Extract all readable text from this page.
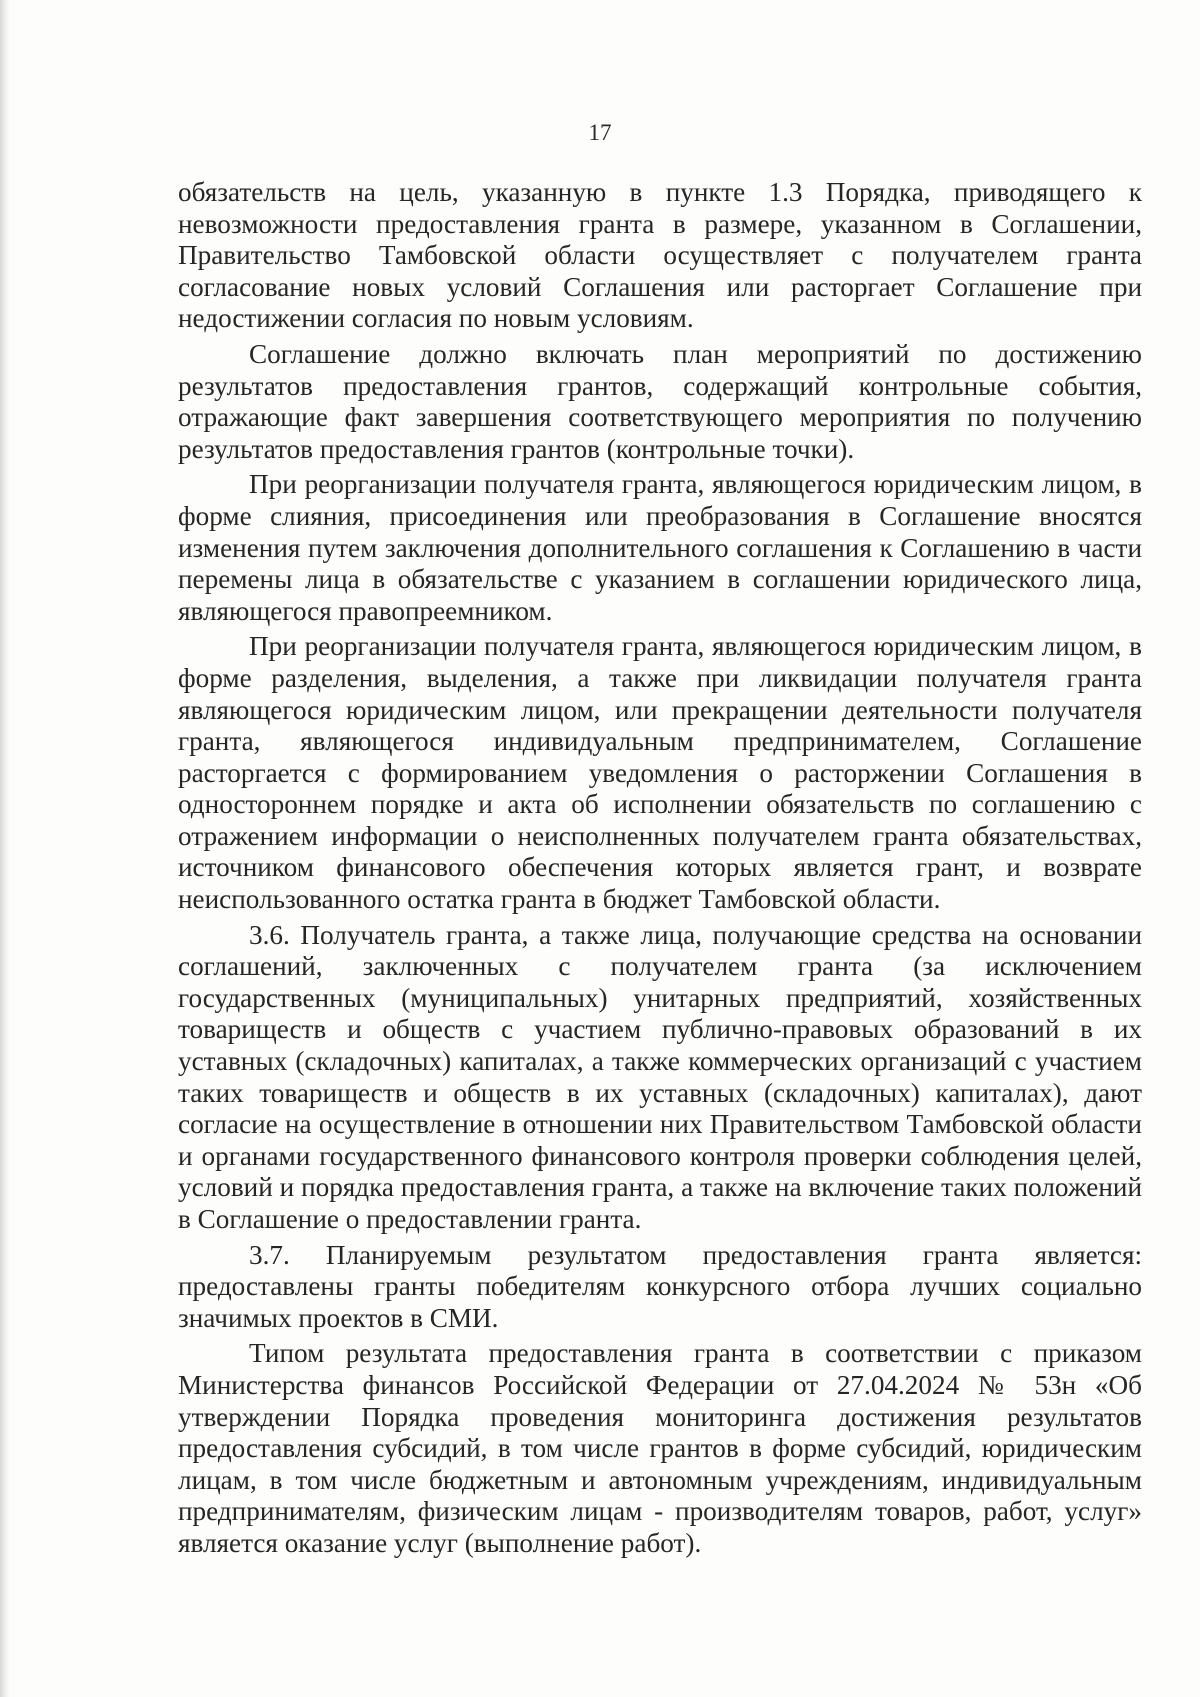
17

обязательств на цель, указанную в пункте 1.3 Порядка, приводящего к невозможности предоставления гранта в размере, указанном в Соглашении, Правительство Тамбовской области осуществляет с получателем гранта согласование новых условий Соглашения или расторгает Соглашение при недостижении согласия по новым условиям.

Соглашение должно включать план мероприятий по достижению результатов предоставления грантов, содержащий контрольные события, отражающие факт завершения соответствующего мероприятия по получению результатов предоставления грантов (контрольные точки).

При реорганизации получателя гранта, являющегося юридическим лицом, в форме слияния, присоединения или преобразования в Соглашение вносятся изменения путем заключения дополнительного соглашения к Соглашению в части перемены лица в обязательстве с указанием в соглашении юридического лица, являющегося правопреемником.

При реорганизации получателя гранта, являющегося юридическим лицом, в форме разделения, выделения, а также при ликвидации получателя гранта являющегося юридическим лицом, или прекращении деятельности получателя гранта, являющегося индивидуальным предпринимателем, Соглашение расторгается с формированием уведомления о расторжении Соглашения в одностороннем порядке и акта об исполнении обязательств по соглашению с отражением информации о неисполненных получателем гранта обязательствах, источником финансового обеспечения которых является грант, и возврате неиспользованного остатка гранта в бюджет Тамбовской области.

3.6. Получатель гранта, а также лица, получающие средства на основании соглашений, заключенных с получателем гранта (за исключением государственных (муниципальных) унитарных предприятий, хозяйственных товариществ и обществ с участием публично-правовых образований в их уставных (складочных) капиталах, а также коммерческих организаций с участием таких товариществ и обществ в их уставных (складочных) капиталах), дают согласие на осуществление в отношении них Правительством Тамбовской области и органами государственного финансового контроля проверки соблюдения целей, условий и порядка предоставления гранта, а также на включение таких положений в Соглашение о предоставлении гранта.

3.7. Планируемым результатом предоставления гранта является: предоставлены гранты победителям конкурсного отбора лучших социально значимых проектов в СМИ.

Типом результата предоставления гранта в соответствии с приказом Министерства финансов Российской Федерации от 27.04.2024 № 53н «Об утверждении Порядка проведения мониторинга достижения результатов предоставления субсидий, в том числе грантов в форме субсидий, юридическим лицам, в том числе бюджетным и автономным учреждениям, индивидуальным предпринимателям, физическим лицам - производителям товаров, работ, услуг» является оказание услуг (выполнение работ).
